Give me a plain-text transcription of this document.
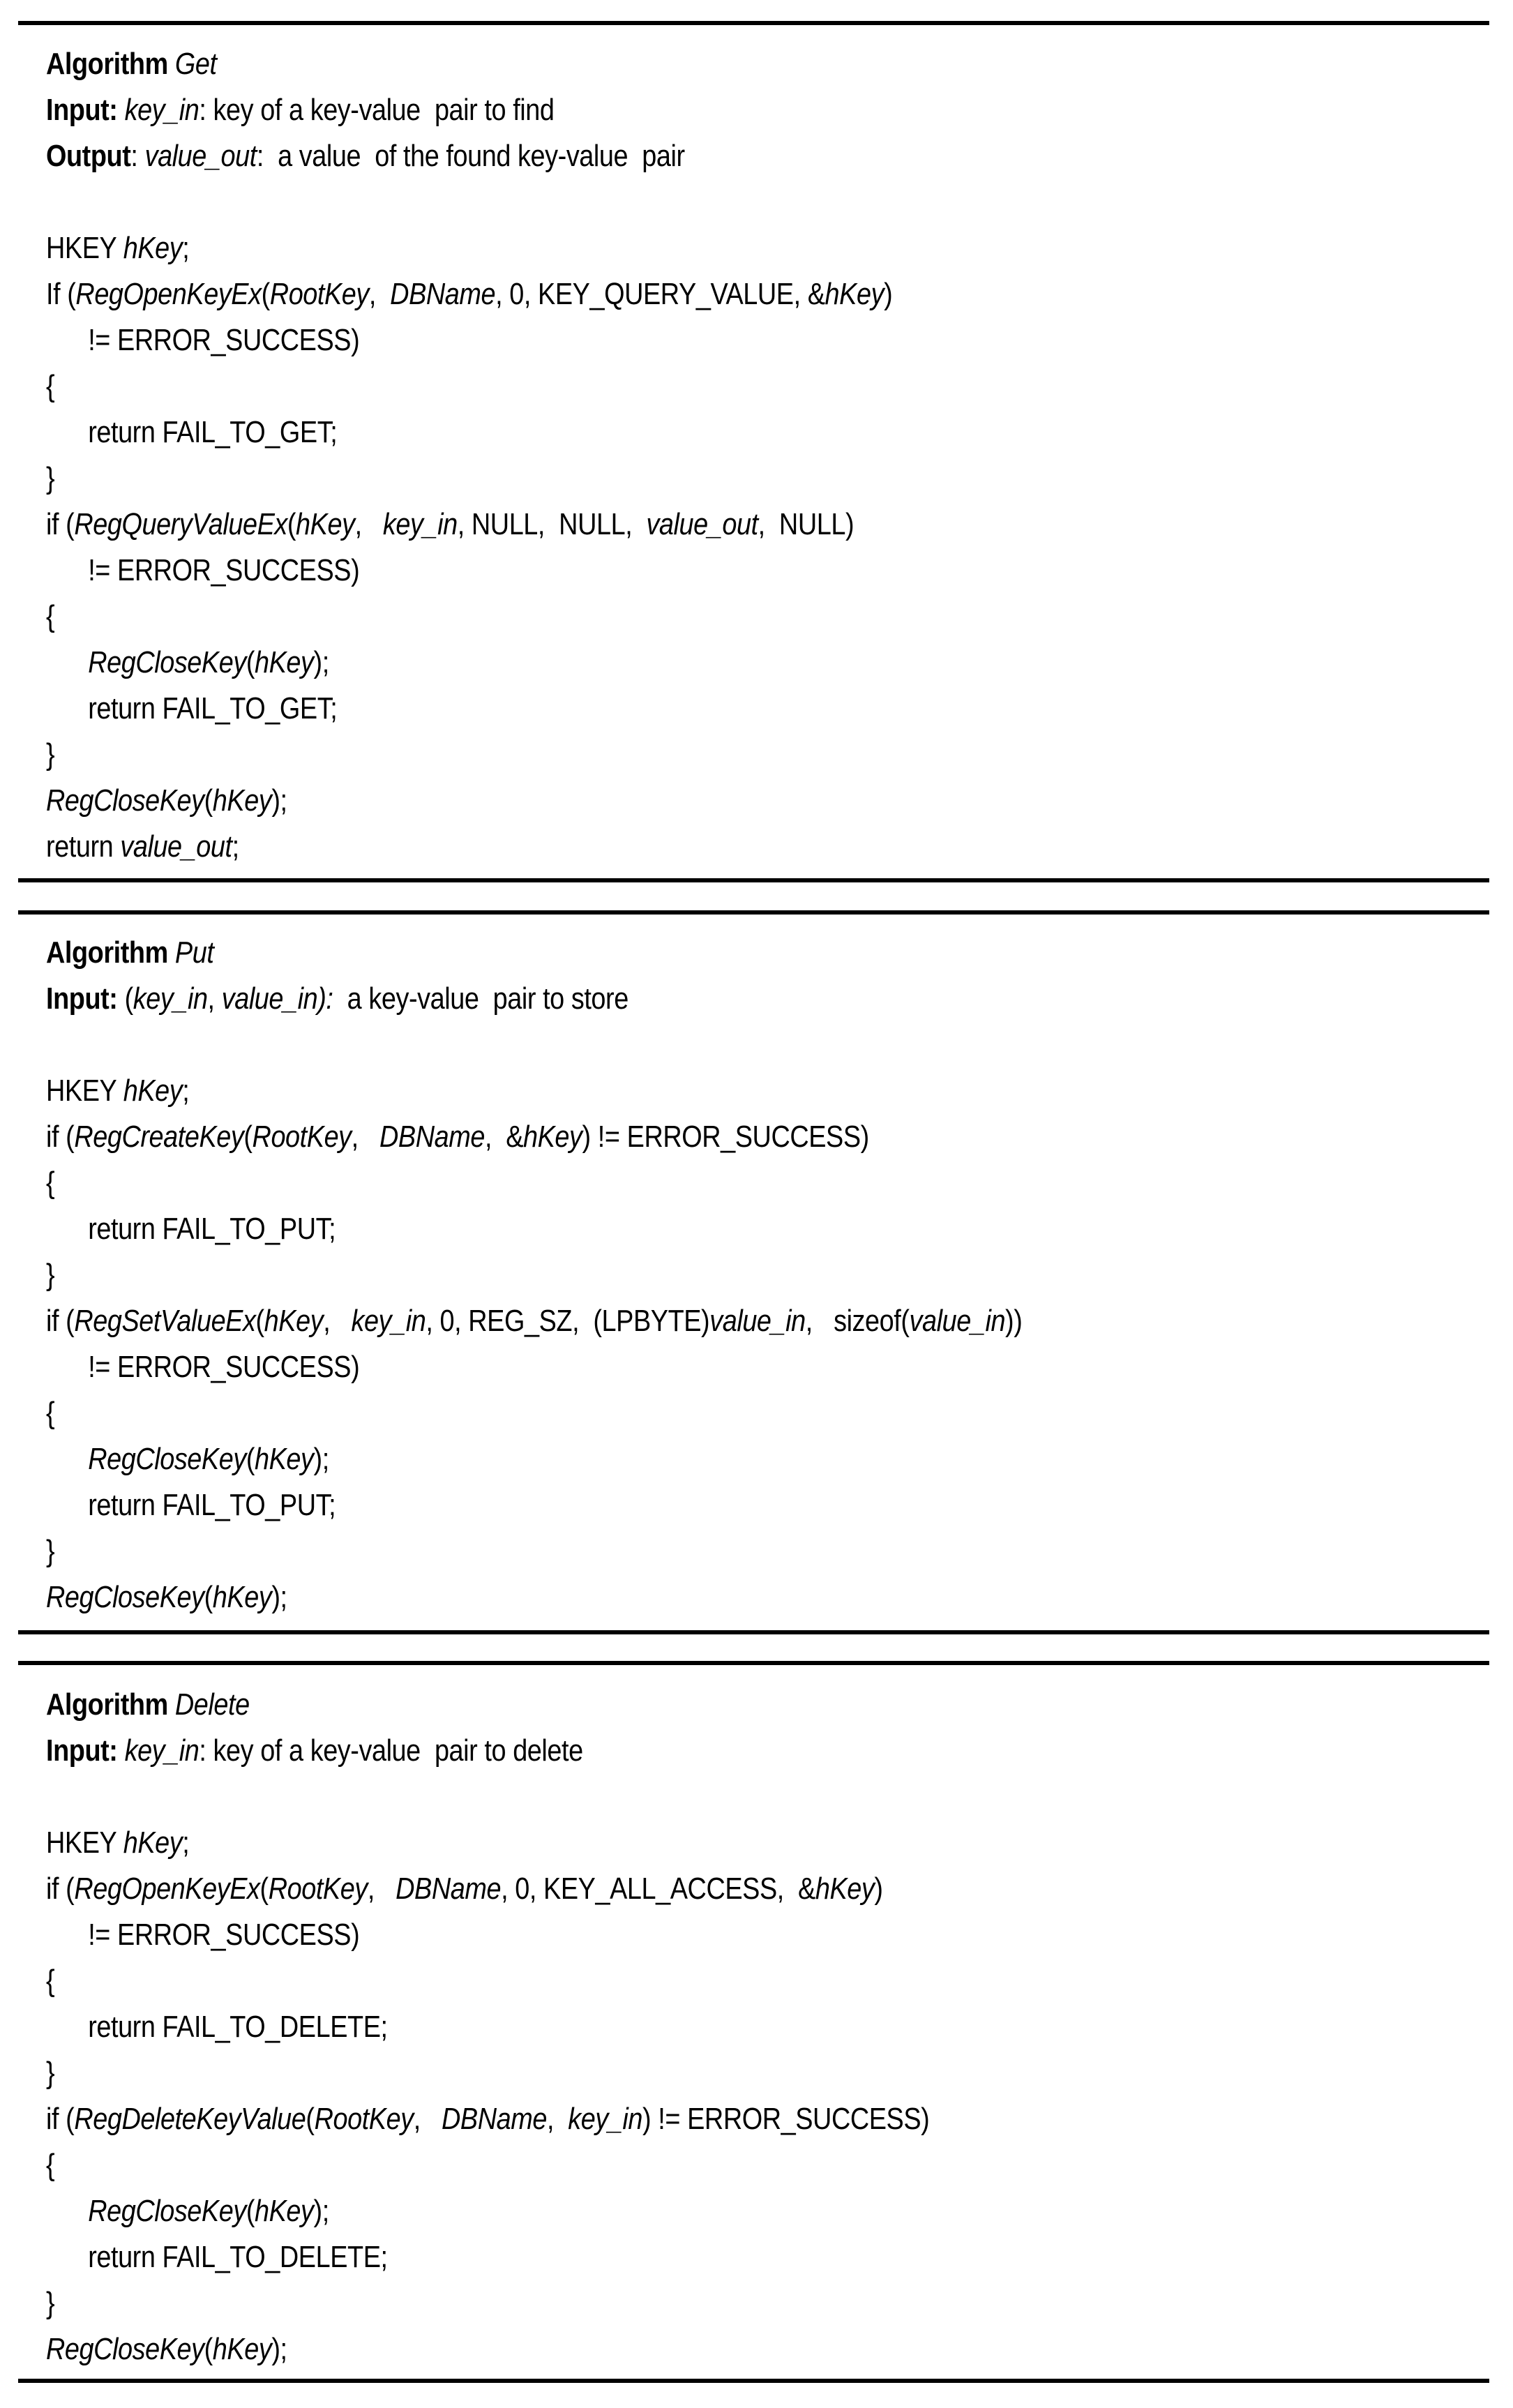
Algorithm Get
Input: key_in: key of a key-value  pair to find
Output: value_out:  a value  of the found key-value  pair
HKEY hKey;
If (RegOpenKeyEx(RootKey,  DBName, 0, KEY_QUERY_VALUE, &hKey)
!= ERROR_SUCCESS)
{
return FAIL_TO_GET;
}
if (RegQueryValueEx(hKey,   key_in, NULL,  NULL,  value_out,  NULL)
!= ERROR_SUCCESS)
{
RegCloseKey(hKey);
return FAIL_TO_GET;
}
RegCloseKey(hKey);
return value_out;
Algorithm Put
Input: (key_in, value_in):  a key-value  pair to store
HKEY hKey;
if (RegCreateKey(RootKey,   DBName,  &hKey) != ERROR_SUCCESS)
{
return FAIL_TO_PUT;
}
if (RegSetValueEx(hKey,   key_in, 0, REG_SZ,  (LPBYTE)value_in,   sizeof(value_in))
!= ERROR_SUCCESS)
{
RegCloseKey(hKey);
return FAIL_TO_PUT;
}
RegCloseKey(hKey);
Algorithm Delete
Input: key_in: key of a key-value  pair to delete
HKEY hKey;
if (RegOpenKeyEx(RootKey,   DBName, 0, KEY_ALL_ACCESS,  &hKey)
!= ERROR_SUCCESS)
{
return FAIL_TO_DELETE;
}
if (RegDeleteKeyValue(RootKey,   DBName,  key_in) != ERROR_SUCCESS)
{
RegCloseKey(hKey);
return FAIL_TO_DELETE;
}
RegCloseKey(hKey);
